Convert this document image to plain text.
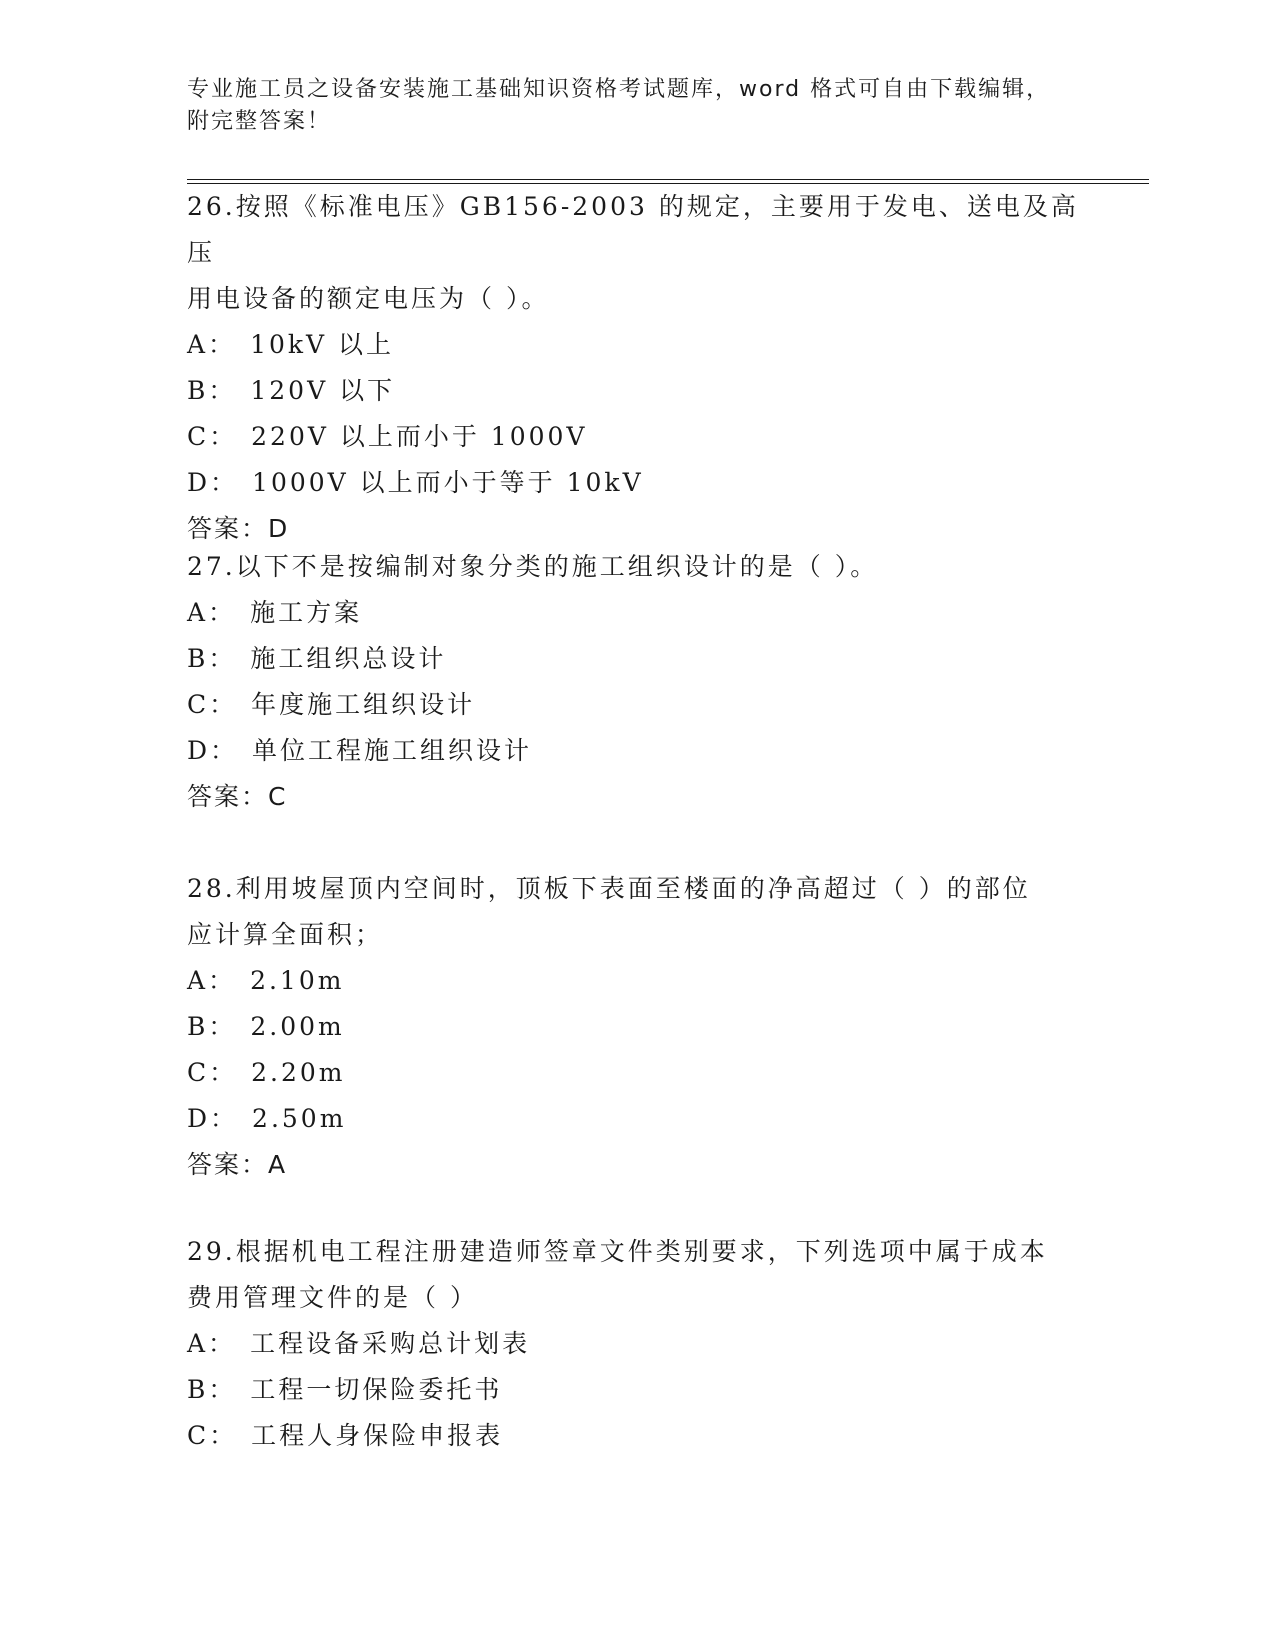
专业施工员之设备安装施工基础知识资格考试题库，word 格式可自由下载编辑，
附完整答案！
26.按照《标准电压》GB156-2003 的规定，主要用于发电、送电及高压
用电设备的额定电压为（ ）。
A： 10kV 以上
B： 120V 以下
C： 220V 以上而小于 1000V
D： 1000V 以上而小于等于 10kV
答案：D
27.以下不是按编制对象分类的施工组织设计的是（ ）。
A： 施工方案
B： 施工组织总设计
C： 年度施工组织设计
D： 单位工程施工组织设计
答案：C
28.利用坡屋顶内空间时，顶板下表面至楼面的净高超过（ ）的部位
应计算全面积；
A： 2.10m
B： 2.00m
C： 2.20m
D： 2.50m
答案：A
29.根据机电工程注册建造师签章文件类别要求，下列选项中属于成本
费用管理文件的是（ ）
A： 工程设备采购总计划表
B： 工程一切保险委托书
C： 工程人身保险申报表
